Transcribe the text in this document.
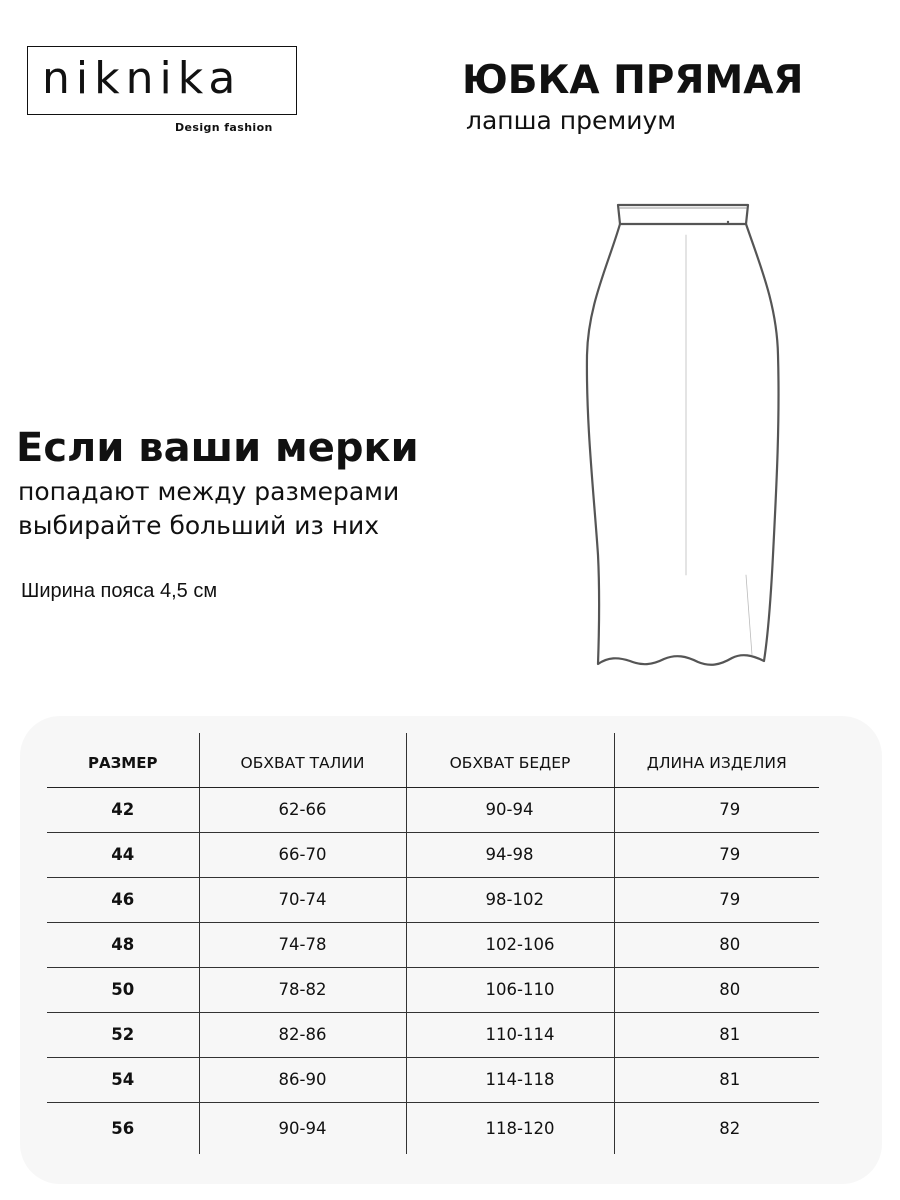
niknika
Design fashion
ЮБКА ПРЯМАЯ
лапша премиум
Если ваши мерки
попадают между размерами
выбирайте больший из них
Ширина пояса 4,5 см
РАЗМЕР	ОБХВАТ ТАЛИИ	ОБХВАТ БЕДЕР	ДЛИНА ИЗДЕЛИЯ
42	62-66	90-94	79
44	66-70	94-98	79
46	70-74	98-102	79
48	74-78	102-106	80
50	78-82	106-110	80
52	82-86	110-114	81
54	86-90	114-118	81
56	90-94	118-120	82
